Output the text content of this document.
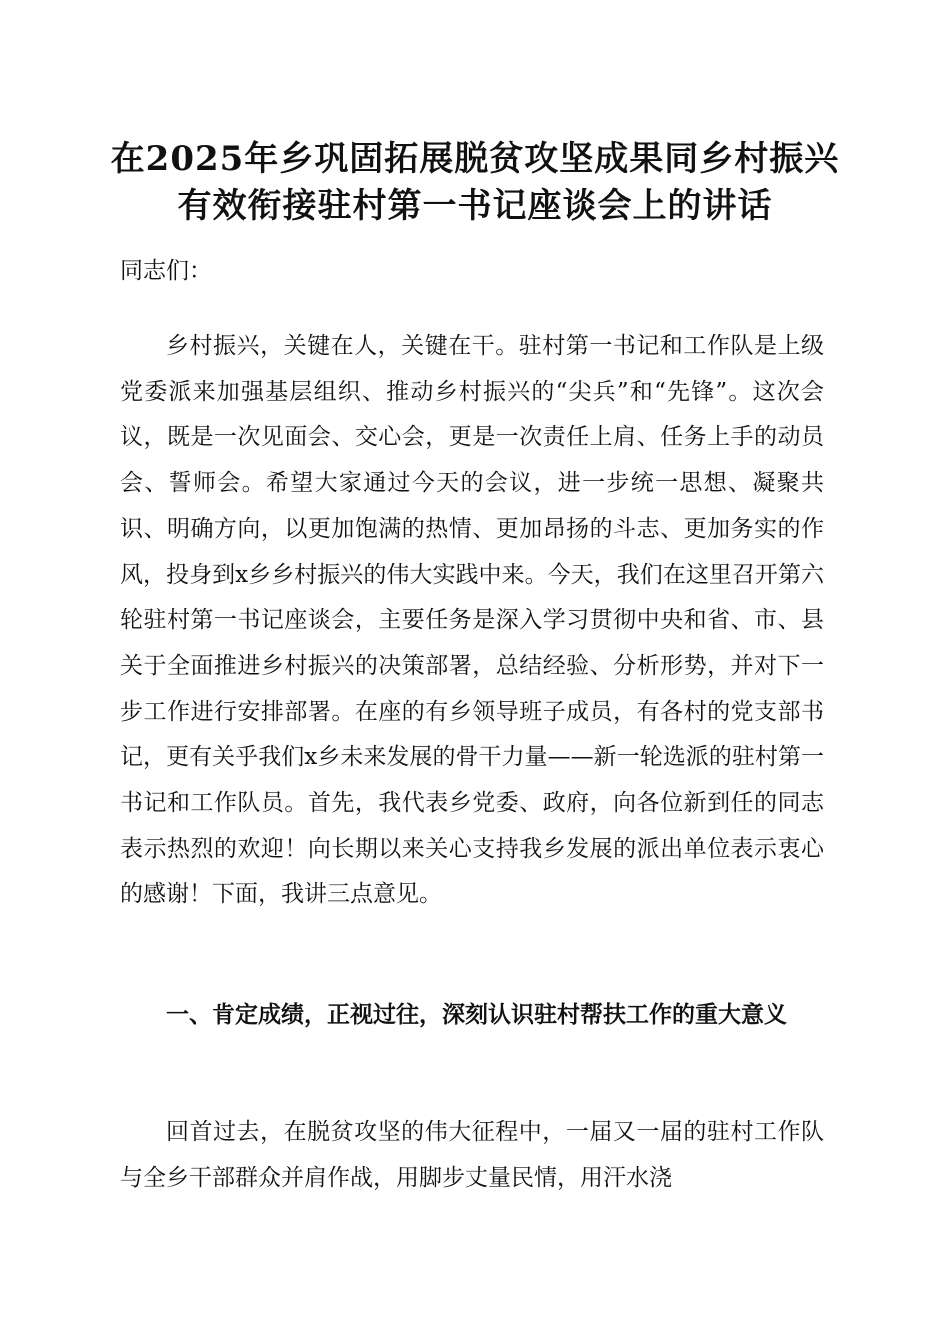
在2025年乡巩固拓展脱贫攻坚成果同乡村振兴有效衔接驻村第一书记座谈会上的讲话

同志们：

乡村振兴，关键在人，关键在干。驻村第一书记和工作队是上级党委派来加强基层组织、推动乡村振兴的“尖兵”和“先锋”。这次会议，既是一次见面会、交心会，更是一次责任上肩、任务上手的动员会、誓师会。希望大家通过今天的会议，进一步统一思想、凝聚共识、明确方向，以更加饱满的热情、更加昂扬的斗志、更加务实的作风，投身到x乡乡村振兴的伟大实践中来。今天，我们在这里召开第六轮驻村第一书记座谈会，主要任务是深入学习贯彻中央和省、市、县关于全面推进乡村振兴的决策部署，总结经验、分析形势，并对下一步工作进行安排部署。在座的有乡领导班子成员，有各村的党支部书记，更有关乎我们x乡未来发展的骨干力量——新一轮选派的驻村第一书记和工作队员。首先，我代表乡党委、政府，向各位新到任的同志表示热烈的欢迎！向长期以来关心支持我乡发展的派出单位表示衷心的感谢！下面，我讲三点意见。

一、肯定成绩，正视过往，深刻认识驻村帮扶工作的重大意义

回首过去，在脱贫攻坚的伟大征程中，一届又一届的驻村工作队与全乡干部群众并肩作战，用脚步丈量民情，用汗水浇
